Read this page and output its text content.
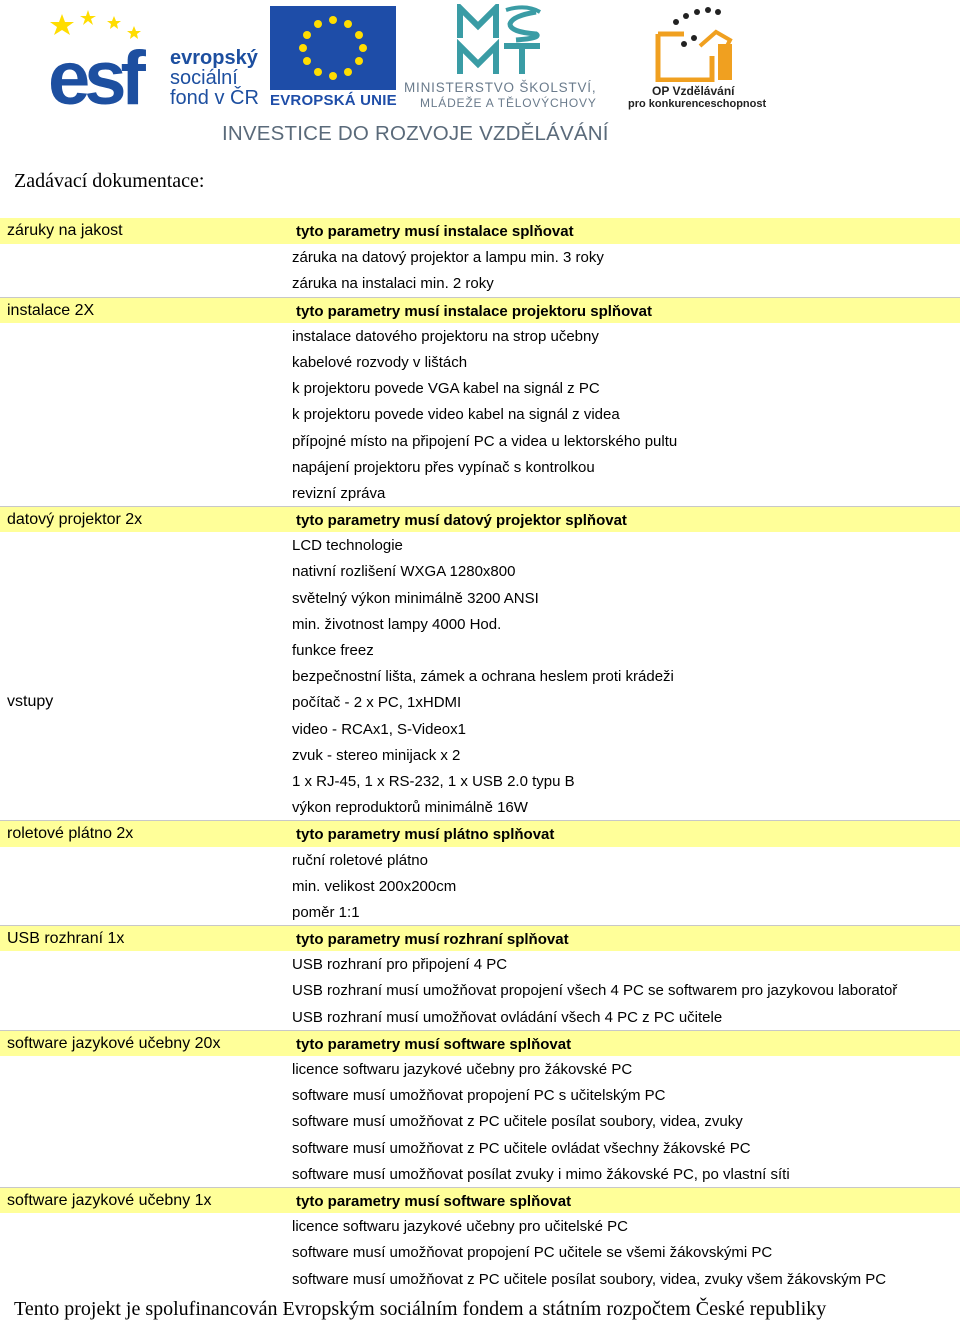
esf	evropský
sociální
fond v ČR EVROPSKÁ UNIE
MINISTERSTVO ŠKOLSTVÍ,
MLÁDEŽE A TĚLOVÝCHOVY
OP Vzdělávání
pro konkurenceschopnost
INVESTICE DO ROZVOJE VZDĚLÁVÁNÍ
Zadávací dokumentace:
záruky na jakost	tyto parametry musí instalace splňovat
záruka na datový projektor a lampu min. 3 roky
záruka na instalaci min. 2 roky
instalace 2X	tyto parametry musí instalace projektoru splňovat
instalace datového projektoru na strop učebny
kabelové rozvody v lištách
k projektoru povede VGA kabel na signál z PC
k projektoru povede video kabel na signál z videa
přípojné místo na připojení PC a videa u lektorského pultu
napájení projektoru přes vypínač s kontrolkou
revizní zpráva
datový projektor 2x	tyto parametry musí datový projektor splňovat
LCD technologie
nativní rozlišení WXGA 1280x800
světelný výkon minimálně 3200 ANSI
min. životnost lampy 4000 Hod.
funkce freez
bezpečnostní lišta, zámek a ochrana heslem proti krádeži
vstupy	počítač - 2 x PC, 1xHDMI
video - RCAx1, S-Videox1
zvuk - stereo minijack x 2
1 x RJ-45, 1 x RS-232, 1 x USB 2.0 typu B
výkon reproduktorů minimálně 16W
roletové plátno 2x	tyto parametry musí plátno splňovat
ruční roletové plátno
min. velikost 200x200cm
poměr 1:1
USB rozhraní 1x	tyto parametry musí rozhraní splňovat
USB rozhraní pro připojení 4 PC
USB rozhraní musí umožňovat propojení všech 4 PC se softwarem pro jazykovou laboratoř
USB rozhraní musí umožňovat ovládání všech 4 PC z PC učitele
software jazykové učebny 20x	tyto parametry musí software splňovat
licence softwaru jazykové učebny pro žákovské PC
software musí umožňovat propojení PC s učitelským PC
software musí umožňovat z PC učitele posílat soubory, videa, zvuky
software musí umožňovat z PC učitele ovládat všechny žákovské PC
software musí umožňovat posílat zvuky i mimo žákovské PC, po vlastní síti
software jazykové učebny 1x	tyto parametry musí software splňovat
licence softwaru jazykové učebny pro učitelské PC
software musí umožňovat propojení PC učitele se všemi žákovskými PC
software musí umožňovat z PC učitele posílat soubory, videa, zvuky všem žákovským PC
Tento projekt je spolufinancován Evropským sociálním fondem a státním rozpočtem České republiky
